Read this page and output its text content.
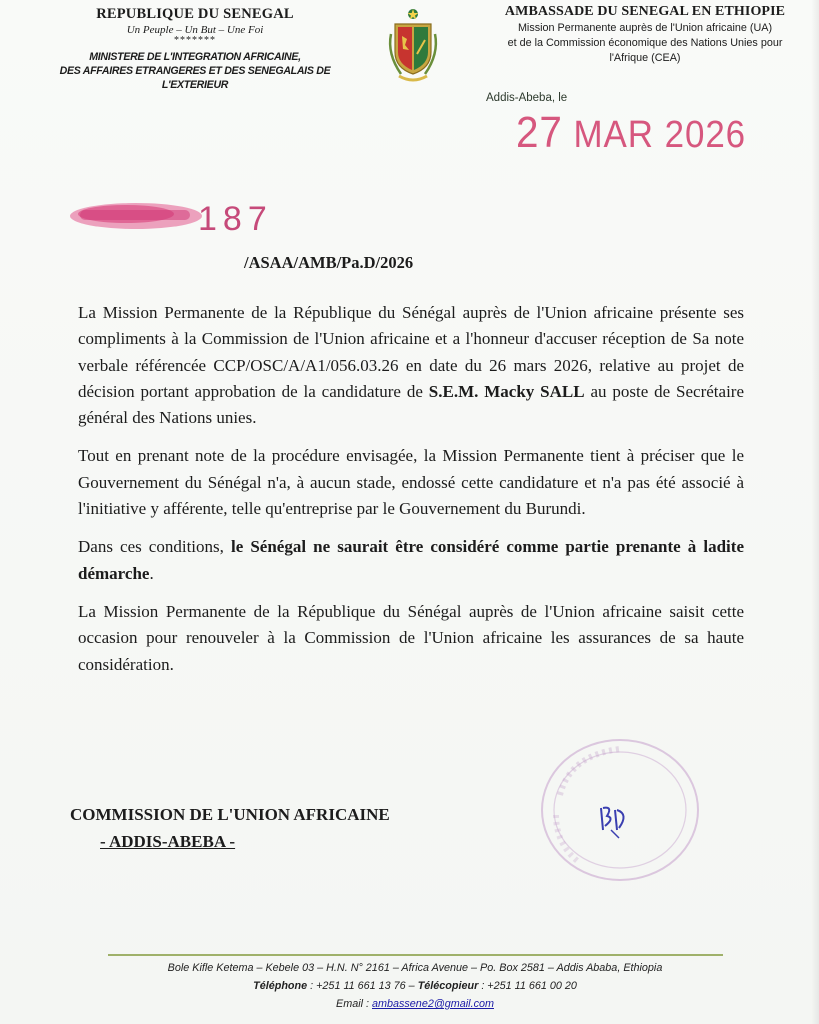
REPUBLIQUE DU SENEGAL
Un Peuple – Un But – Une Foi
*******
MINISTERE DE L'INTEGRATION AFRICAINE,
DES AFFAIRES ETRANGERES ET DES SENEGALAIS DE L'EXTERIEUR
AMBASSADE DU SENEGAL EN ETHIOPIE
Mission Permanente auprès de l'Union africaine (UA)
et de la Commission économique des Nations Unies pour
l'Afrique (CEA)
Addis-Abeba, le
27 MAR 2026
187
/ASAA/AMB/Pa.D/2026

La Mission Permanente de la République du Sénégal auprès de l'Union africaine présente ses compliments à la Commission de l'Union africaine et a l'honneur d'accuser réception de Sa note verbale référencée CCP/OSC/A/A1/056.03.26 en date du 26 mars 2026, relative au projet de décision portant approbation de la candidature de S.E.M. Macky SALL au poste de Secrétaire général des Nations unies.

Tout en prenant note de la procédure envisagée, la Mission Permanente tient à préciser que le Gouvernement du Sénégal n'a, à aucun stade, endossé cette candidature et n'a pas été associé à l'initiative y afférente, telle qu'entreprise par le Gouvernement du Burundi.

Dans ces conditions, le Sénégal ne saurait être considéré comme partie prenante à ladite démarche.

La Mission Permanente de la République du Sénégal auprès de l'Union africaine saisit cette occasion pour renouveler à la Commission de l'Union africaine les assurances de sa haute considération.

COMMISSION DE L'UNION AFRICAINE
- ADDIS-ABEBA -
Bole Kifle Ketema – Kebele 03 – H.N. N° 2161 – Africa Avenue – Po. Box 2581 – Addis Ababa, Ethiopia
Téléphone : +251 11 661 13 76 – Télécopieur : +251 11 661 00 20
Email : ambassene2@gmail.com
